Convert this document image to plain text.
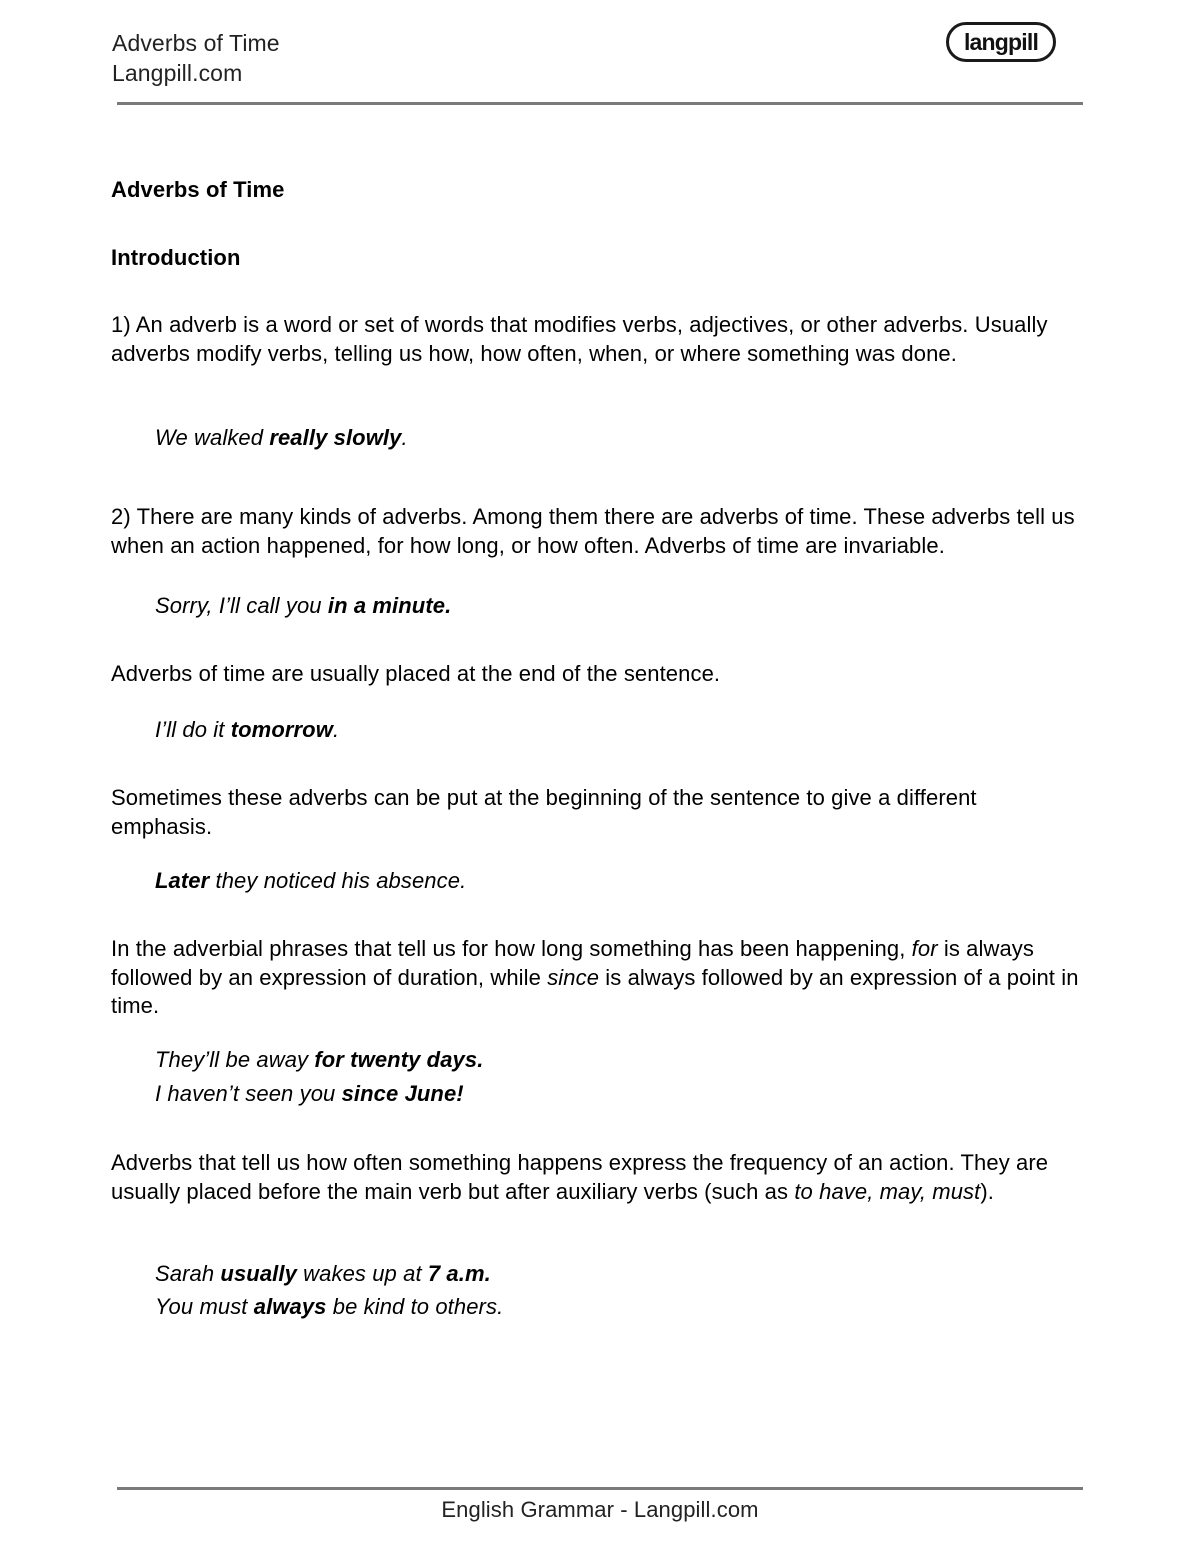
Adverbs of Time
Langpill.com
langpill
Adverbs of Time
Introduction
1) An adverb is a word or set of words that modifies verbs, adjectives, or other adverbs. Usually adverbs modify verbs, telling us how, how often, when, or where something was done.
We walked really slowly.
2) There are many kinds of adverbs. Among them there are adverbs of time. These adverbs tell us when an action happened, for how long, or how often. Adverbs of time are invariable.
Sorry, I’ll call you in a minute.
Adverbs of time are usually placed at the end of the sentence.
I’ll do it tomorrow.
Sometimes these adverbs can be put at the beginning of the sentence to give a different emphasis.
Later they noticed his absence.
In the adverbial phrases that tell us for how long something has been happening, for is always followed by an expression of duration, while since is always followed by an expression of a point in time.
They’ll be away for twenty days.
I haven’t seen you since June!
Adverbs that tell us how often something happens express the frequency of an action. They are usually placed before the main verb but after auxiliary verbs (such as to have, may, must).
Sarah usually wakes up at 7 a.m.
You must always be kind to others.
English Grammar - Langpill.com
